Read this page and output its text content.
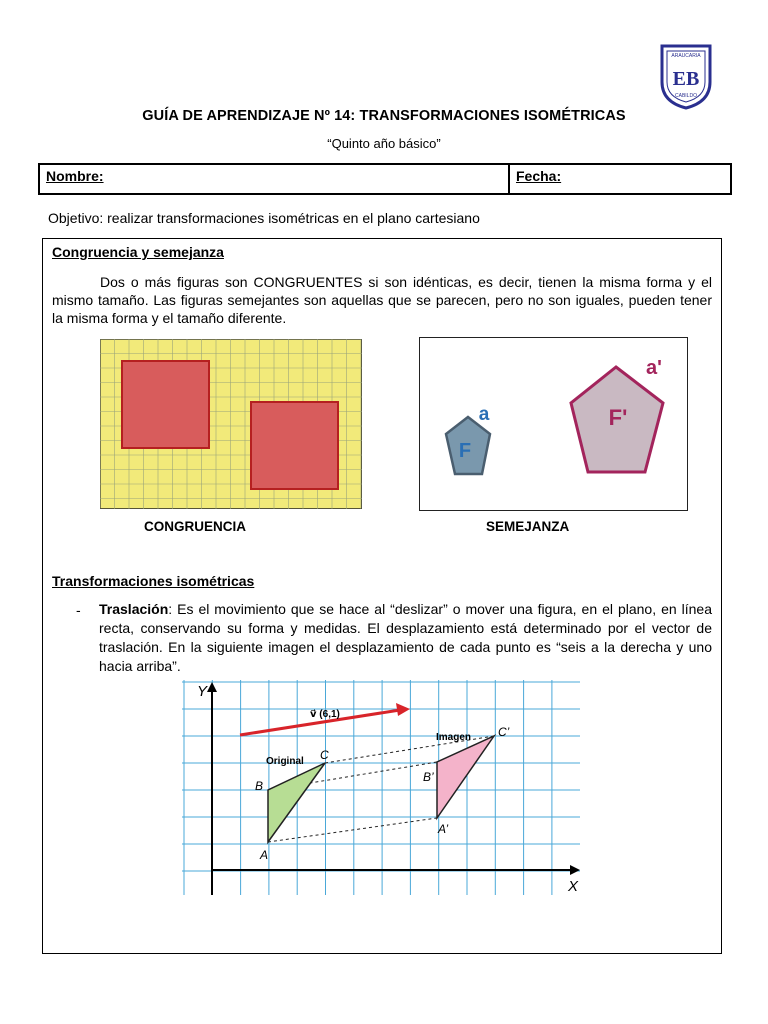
ARAUCARIA
EB
CABILDO
GUÍA DE APRENDIZAJE Nº 14: TRANSFORMACIONES ISOMÉTRICAS
“Quinto año básico”
Nombre:	Fecha:
Objetivo: realizar transformaciones isométricas en el plano cartesiano
Congruencia y semejanza
Dos o más figuras son CONGRUENTES si son idénticas, es decir, tienen la misma forma y el mismo tamaño. Las figuras semejantes son aquellas que se parecen, pero no son iguales, pueden tener la misma forma y el tamaño diferente.
F
a	F'
a'
CONGRUENCIA	SEMEJANZA
Transformaciones isométricas
- Traslación: Es el movimiento que se hace al “deslizar” o mover una figura, en el plano, en línea recta, conservando su forma y medidas. El desplazamiento está determinado por el vector de traslación. En la siguiente imagen el desplazamiento de cada punto es “seis a la derecha y uno hacia arriba”.
Y
X
v⃗ (6,1)
Original
Imagen
A
B
C
A’
B’
C’
